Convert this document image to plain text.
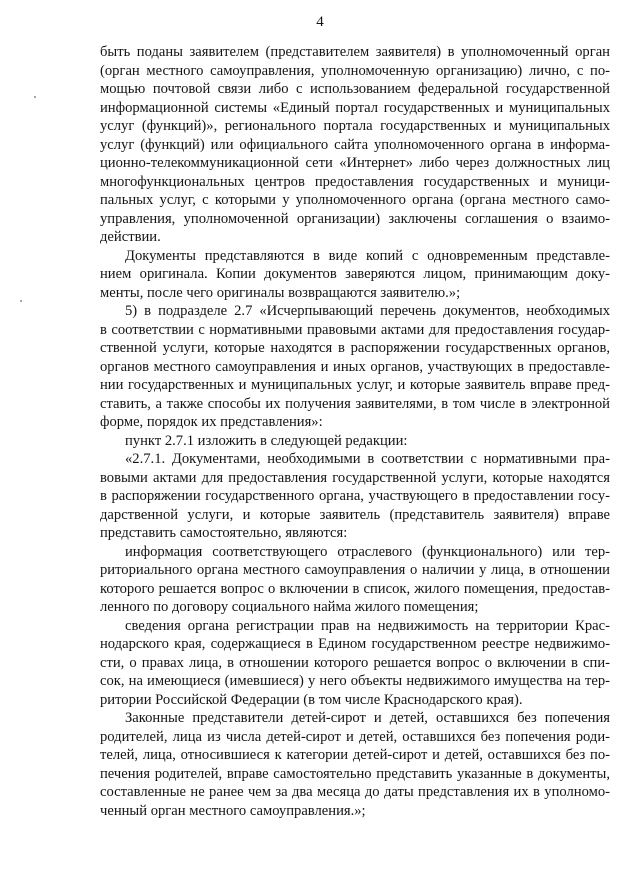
4
быть поданы заявителем (представителем заявителя) в уполномоченный орган
(орган местного самоуправления, уполномоченную организацию) лично, с по-
мощью почтовой связи либо с использованием федеральной государственной
информационной системы «Единый портал государственных и муниципальных
услуг (функций)», регионального портала государственных и муниципальных
услуг (функций) или официального сайта уполномоченного органа в информа-
ционно-телекоммуникационной сети «Интернет» либо через должностных лиц
многофункциональных центров предоставления государственных и муници-
пальных услуг, с которыми у уполномоченного органа (органа местного само-
управления, уполномоченной организации) заключены соглашения о взаимо-
действии.
Документы представляются в виде копий с одновременным представле-
нием оригинала. Копии документов заверяются лицом, принимающим доку-
менты, после чего оригиналы возвращаются заявителю.»;
5) в подразделе 2.7 «Исчерпывающий перечень документов, необходимых
в соответствии с нормативными правовыми актами для предоставления государ-
ственной услуги, которые находятся в распоряжении государственных органов,
органов местного самоуправления и иных органов, участвующих в предоставле-
нии государственных и муниципальных услуг, и которые заявитель вправе пред-
ставить, а также способы их получения заявителями, в том числе в электронной
форме, порядок их представления»:
пункт 2.7.1 изложить в следующей редакции:
«2.7.1. Документами, необходимыми в соответствии с нормативными пра-
вовыми актами для предоставления государственной услуги, которые находятся
в распоряжении государственного органа, участвующего в предоставлении госу-
дарственной услуги, и которые заявитель (представитель заявителя) вправе
представить самостоятельно, являются:
информация соответствующего отраслевого (функционального) или тер-
риториального органа местного самоуправления о наличии у лица, в отношении
которого решается вопрос о включении в список, жилого помещения, предостав-
ленного по договору социального найма жилого помещения;
сведения органа регистрации прав на недвижимость на территории Крас-
нодарского края, содержащиеся в Едином государственном реестре недвижимо-
сти, о правах лица, в отношении которого решается вопрос о включении в спи-
сок, на имеющиеся (имевшиеся) у него объекты недвижимого имущества на тер-
ритории Российской Федерации (в том числе Краснодарского края).
Законные представители детей-сирот и детей, оставшихся без попечения
родителей, лица из числа детей-сирот и детей, оставшихся без попечения роди-
телей, лица, относившиеся к категории детей-сирот и детей, оставшихся без по-
печения родителей, вправе самостоятельно представить указанные в документы,
составленные не ранее чем за два месяца до даты представления их в уполномо-
ченный орган местного самоуправления.»;
